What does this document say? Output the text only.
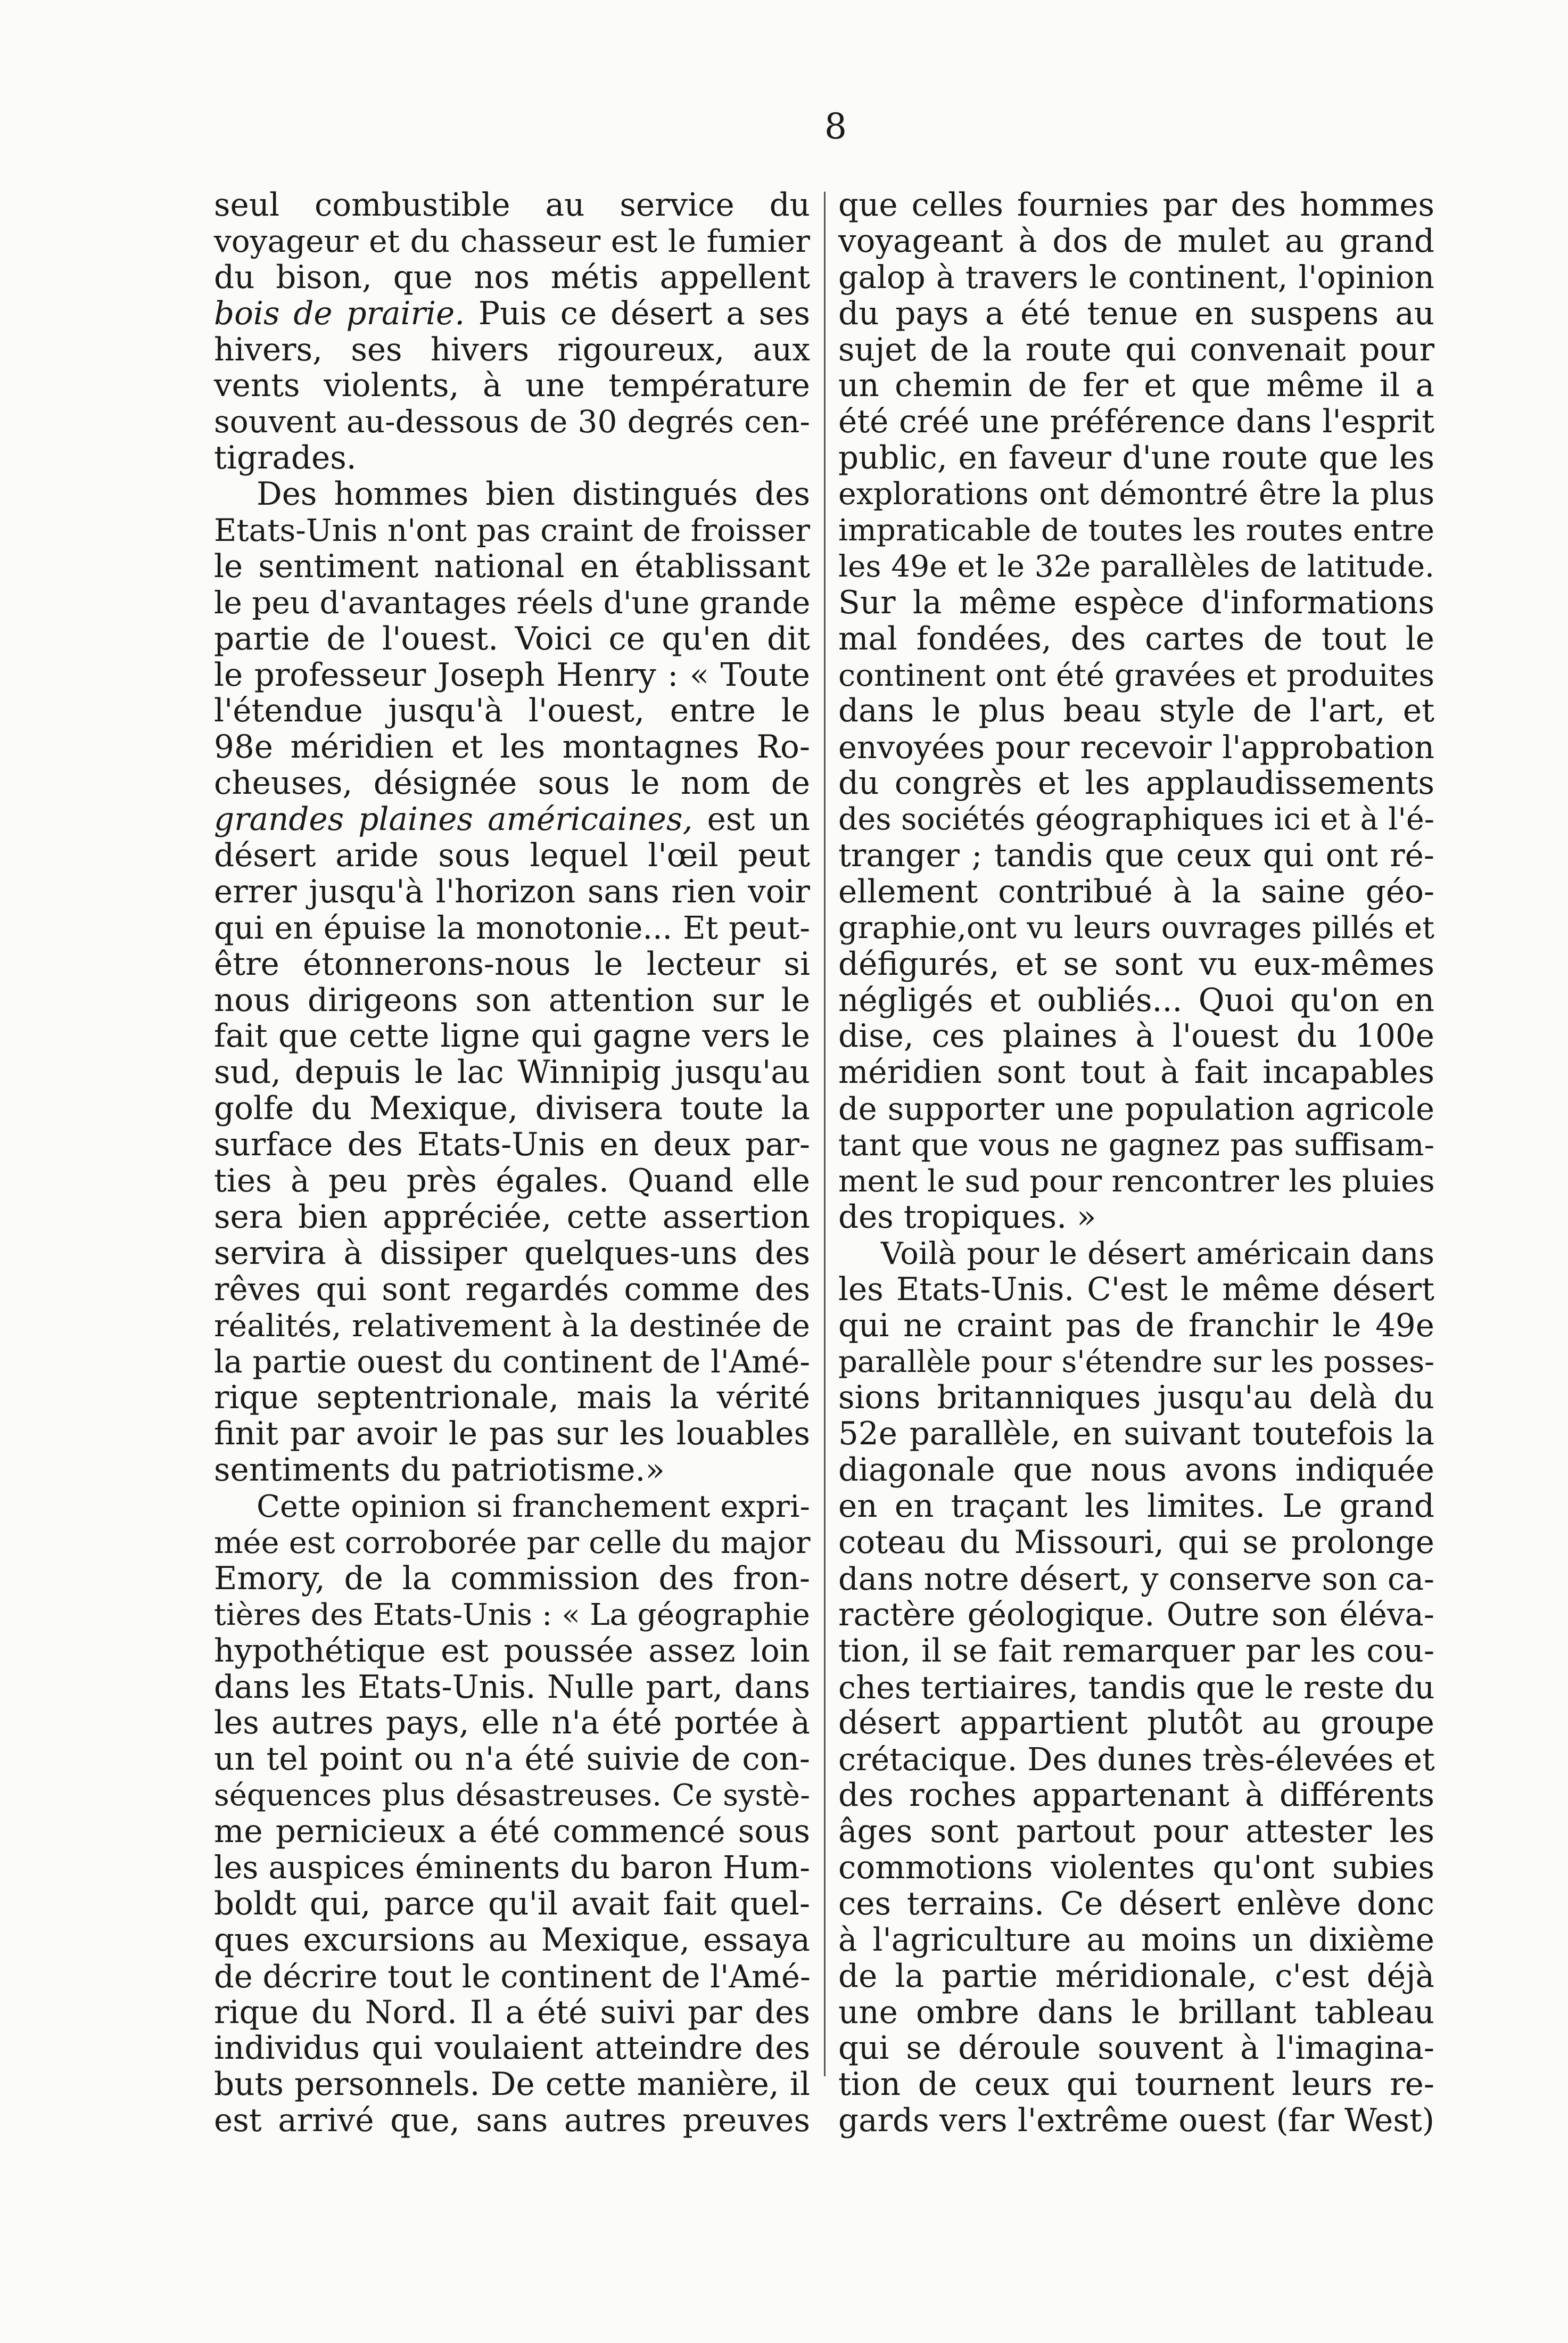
8
seul combustible au service du
voyageur et du chasseur est le fumier
du bison, que nos métis appellent
bois de prairie. Puis ce désert a ses
hivers, ses hivers rigoureux, aux
vents violents, à une température
souvent au-dessous de 30 degrés cen-
tigrades.
Des hommes bien distingués des
Etats-Unis n'ont pas craint de froisser
le sentiment national en établissant
le peu d'avantages réels d'une grande
partie de l'ouest. Voici ce qu'en dit
le professeur Joseph Henry : « Toute
l'étendue jusqu'à l'ouest, entre le
98e méridien et les montagnes Ro-
cheuses, désignée sous le nom de
grandes plaines américaines, est un
désert aride sous lequel l'œil peut
errer jusqu'à l'horizon sans rien voir
qui en épuise la monotonie... Et peut-
être étonnerons-nous le lecteur si
nous dirigeons son attention sur le
fait que cette ligne qui gagne vers le
sud, depuis le lac Winnipig jusqu'au
golfe du Mexique, divisera toute la
surface des Etats-Unis en deux par-
ties à peu près égales. Quand elle
sera bien appréciée, cette assertion
servira à dissiper quelques-uns des
rêves qui sont regardés comme des
réalités, relativement à la destinée de
la partie ouest du continent de l'Amé-
rique septentrionale, mais la vérité
finit par avoir le pas sur les louables
sentiments du patriotisme.»
Cette opinion si franchement expri-
mée est corroborée par celle du major
Emory, de la commission des fron-
tières des Etats-Unis : « La géographie
hypothétique est poussée assez loin
dans les Etats-Unis. Nulle part, dans
les autres pays, elle n'a été portée à
un tel point ou n'a été suivie de con-
séquences plus désastreuses. Ce systè-
me pernicieux a été commencé sous
les auspices éminents du baron Hum-
boldt qui, parce qu'il avait fait quel-
ques excursions au Mexique, essaya
de décrire tout le continent de l'Amé-
rique du Nord. Il a été suivi par des
individus qui voulaient atteindre des
buts personnels. De cette manière, il
est arrivé que, sans autres preuves
que celles fournies par des hommes
voyageant à dos de mulet au grand
galop à travers le continent, l'opinion
du pays a été tenue en suspens au
sujet de la route qui convenait pour
un chemin de fer et que même il a
été créé une préférence dans l'esprit
public, en faveur d'une route que les
explorations ont démontré être la plus
impraticable de toutes les routes entre
les 49e et le 32e parallèles de latitude.
Sur la même espèce d'informations
mal fondées, des cartes de tout le
continent ont été gravées et produites
dans le plus beau style de l'art, et
envoyées pour recevoir l'approbation
du congrès et les applaudissements
des sociétés géographiques ici et à l'é-
tranger ; tandis que ceux qui ont ré-
ellement contribué à la saine géo-
graphie,ont vu leurs ouvrages pillés et
défigurés, et se sont vu eux-mêmes
négligés et oubliés... Quoi qu'on en
dise, ces plaines à l'ouest du 100e
méridien sont tout à fait incapables
de supporter une population agricole
tant que vous ne gagnez pas suffisam-
ment le sud pour rencontrer les pluies
des tropiques. »
Voilà pour le désert américain dans
les Etats-Unis. C'est le même désert
qui ne craint pas de franchir le 49e
parallèle pour s'étendre sur les posses-
sions britanniques jusqu'au delà du
52e parallèle, en suivant toutefois la
diagonale que nous avons indiquée
en en traçant les limites. Le grand
coteau du Missouri, qui se prolonge
dans notre désert, y conserve son ca-
ractère géologique. Outre son éléva-
tion, il se fait remarquer par les cou-
ches tertiaires, tandis que le reste du
désert appartient plutôt au groupe
crétacique. Des dunes très-élevées et
des roches appartenant à différents
âges sont partout pour attester les
commotions violentes qu'ont subies
ces terrains. Ce désert enlève donc
à l'agriculture au moins un dixième
de la partie méridionale, c'est déjà
une ombre dans le brillant tableau
qui se déroule souvent à l'imagina-
tion de ceux qui tournent leurs re-
gards vers l'extrême ouest (far West)
